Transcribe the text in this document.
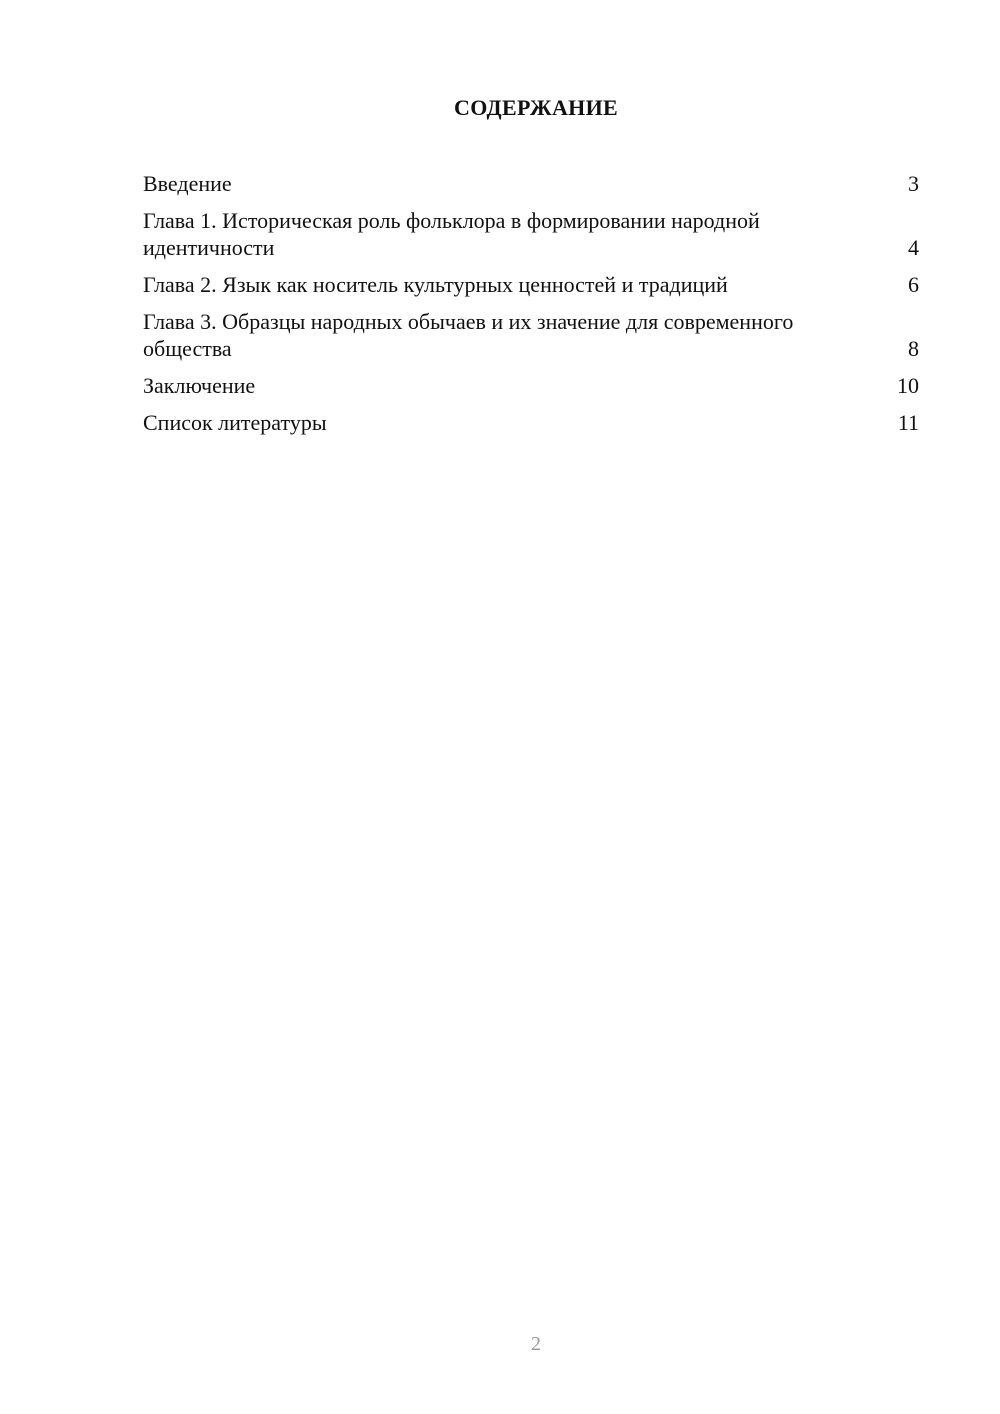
СОДЕРЖАНИЕ
Введение	3
Глава 1. Историческая роль фольклора в формировании народной идентичности	4
Глава 2. Язык как носитель культурных ценностей и традиций	6
Глава 3. Образцы народных обычаев и их значение для современного общества	8
Заключение	10
Список литературы	11
2
